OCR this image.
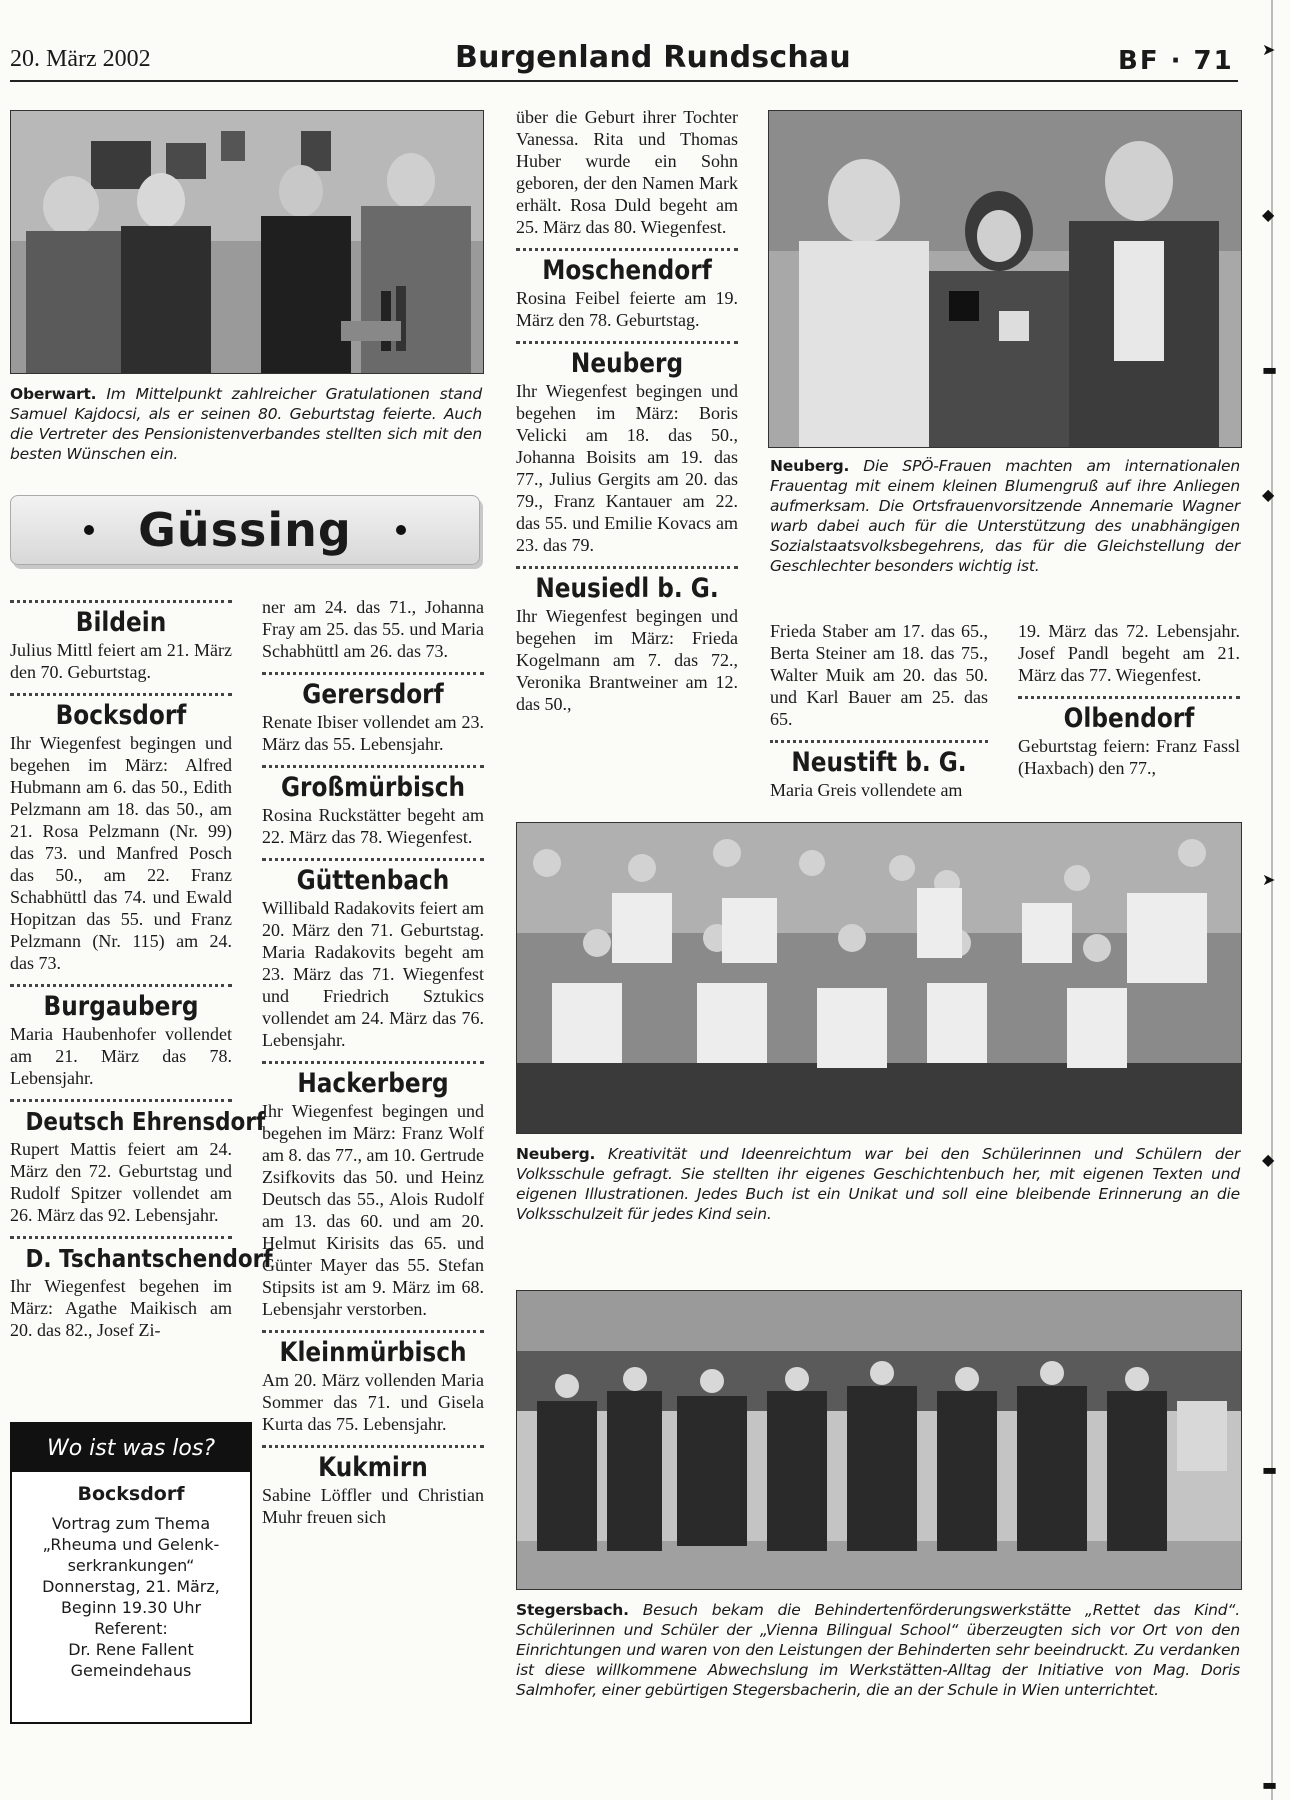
20. März 2002	Burgenland Rundschau	BF · 71
Oberwart. Im Mittelpunkt zahlreicher Gratulationen stand Samuel Kajdocsi, als er seinen 80. Geburtstag feierte. Auch die Vertreter des Pensionistenverbandes stellten sich mit den besten Wünschen ein.
Güssing
Bildein
Julius Mittl feiert am 21. März den 70. Geburtstag.
Bocksdorf
Ihr Wiegenfest begingen und begehen im März: Alfred Hubmann am 6. das 50., Edith Pelzmann am 18. das 50., am 21. Rosa Pelzmann (Nr. 99) das 73. und Manfred Posch das 50., am 22. Franz Schabhüttl das 74. und Ewald Hopitzan das 55. und Franz Pelzmann (Nr. 115) am 24. das 73.
Burgauberg
Maria Haubenhofer vollendet am 21. März das 78. Lebensjahr.
Deutsch Ehrensdorf
Rupert Mattis feiert am 24. März den 72. Geburtstag und Rudolf Spitzer vollendet am 26. März das 92. Lebensjahr.
D. Tschantschendorf
Ihr Wiegenfest begehen im März: Agathe Maikisch am 20. das 82., Josef Zi-
Wo ist was los?
Bocksdorf
Vortrag zum Thema
„Rheuma und Gelenk-
serkrankungen“
Donnerstag, 21. März,
Beginn 19.30 Uhr
Referent:
Dr. Rene Fallent
Gemeindehaus
ner am 24. das 71., Johanna Fray am 25. das 55. und Maria Schabhüttl am 26. das 73.
Gerersdorf
Renate Ibiser vollendet am 23. März das 55. Lebensjahr.
Großmürbisch
Rosina Ruckstätter begeht am 22. März das 78. Wiegenfest.
Güttenbach
Willibald Radakovits feiert am 20. März den 71. Geburtstag. Maria Radakovits begeht am 23. März das 71. Wiegenfest und Friedrich Sztukics vollendet am 24. März das 76. Lebensjahr.
Hackerberg
Ihr Wiegenfest begingen und begehen im März: Franz Wolf am 8. das 77., am 10. Gertrude Zsifkovits das 50. und Heinz Deutsch das 55., Alois Rudolf am 13. das 60. und am 20. Helmut Kirisits das 65. und Günter Mayer das 55. Stefan Stipsits ist am 9. März im 68. Lebensjahr verstorben.
Kleinmürbisch
Am 20. März vollenden Maria Sommer das 71. und Gisela Kurta das 75. Lebensjahr.
Kukmirn
Sabine Löffler und Christian Muhr freuen sich
über die Geburt ihrer Tochter Vanessa. Rita und Thomas Huber wurde ein Sohn geboren, der den Namen Mark erhält. Rosa Duld begeht am 25. März das 80. Wiegenfest.
Moschendorf
Rosina Feibel feierte am 19. März den 78. Geburtstag.
Neuberg
Ihr Wiegenfest begingen und begehen im März: Boris Velicki am 18. das 50., Johanna Boisits am 19. das 77., Julius Gergits am 20. das 79., Franz Kantauer am 22. das 55. und Emilie Kovacs am 23. das 79.
Neusiedl b. G.
Ihr Wiegenfest begingen und begehen im März: Frieda Kogelmann am 7. das 72., Veronika Brantweiner am 12. das 50.,
Neuberg. Die SPÖ-Frauen machten am internationalen Frauentag mit einem kleinen Blumengruß auf ihre Anliegen aufmerksam. Die Ortsfrauenvorsitzende Annemarie Wagner warb dabei auch für die Unterstützung des unabhängigen Sozialstaatsvolksbegehrens, das für die Gleichstellung der Geschlechter besonders wichtig ist.
Frieda Staber am 17. das 65., Berta Steiner am 18. das 75., Walter Muik am 20. das 50. und Karl Bauer am 25. das 65.
Neustift b. G.
Maria Greis vollendete am
19. März das 72. Lebensjahr. Josef Pandl begeht am 21. März das 77. Wiegenfest.
Olbendorf
Geburtstag feiern: Franz Fassl (Haxbach) den 77.,
Neuberg. Kreativität und Ideenreichtum war bei den Schülerinnen und Schülern der Volksschule gefragt. Sie stellten ihr eigenes Geschichtenbuch her, mit eigenen Texten und eigenen Illustrationen. Jedes Buch ist ein Unikat und soll eine bleibende Erinnerung an die Volksschulzeit für jedes Kind sein.
Stegersbach. Besuch bekam die Behindertenförderungswerkstätte „Rettet das Kind“. Schülerinnen und Schüler der „Vienna Bilingual School“ überzeugten sich vor Ort von den Einrichtungen und waren von den Leistungen der Behinderten sehr beeindruckt. Zu verdanken ist diese willkommene Abwechslung im Werkstätten-Alltag der Initiative von Mag. Doris Salmhofer, einer gebürtigen Stegersbacherin, die an der Schule in Wien unterrichtet.
➤
◆
▬
◆
➤
◆
▬
▬
